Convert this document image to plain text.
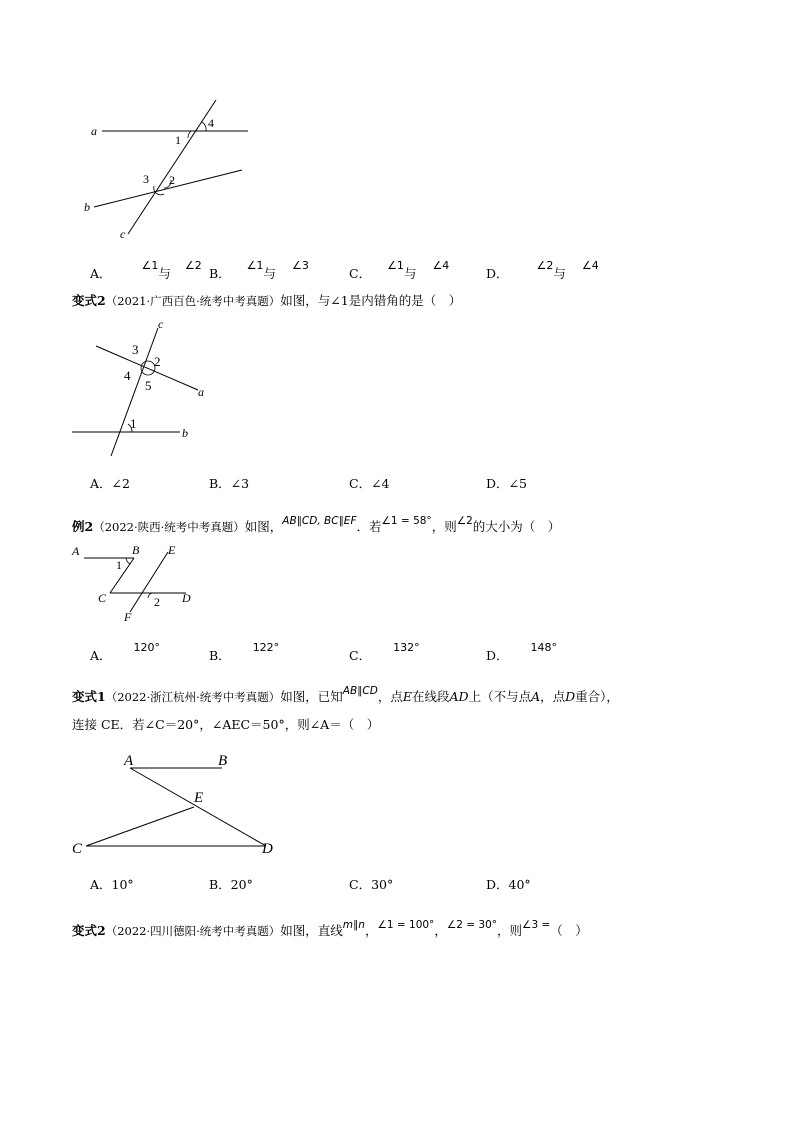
a
b
c
1
2
3
4
A． ∠1与 ∠2
B． ∠1与 ∠3
C． ∠1与 ∠4
D． ∠2与 ∠4
变式2（2021·广西百色·统考中考真题）如图，与∠1是内错角的是（　）
c
3
2
4
5	a
1
b
A．∠2	B．∠3	C．∠4	D．∠5
例2（2022·陕西·统考中考真题）如图，$^{AB\parallel CD, BC\parallel EF}$．若$^{\angle 1 = 58^\circ}$，则$^{\angle 2}$的大小为（　）
A	B E
1
C	2 D
F
A．120°
B．122°
C．132°
D．148°
变式1（2022·浙江杭州·统考中考真题）如图，已知$^{AB\parallel CD}$，点E在线段AD上（不与点A，点D重合），
连接 CE．若∠C＝20°，∠AEC＝50°，则∠A＝（　）
A	B
E
C	D
A．10°	B．20°	C．30°	D．40°
变式2（2022·四川德阳·统考中考真题）如图，直线$^{m\parallel n}$，$^{\angle 1 = 100^\circ}$，$^{\angle 2 = 30^\circ}$，则$^{\angle 3 =}$（　）
